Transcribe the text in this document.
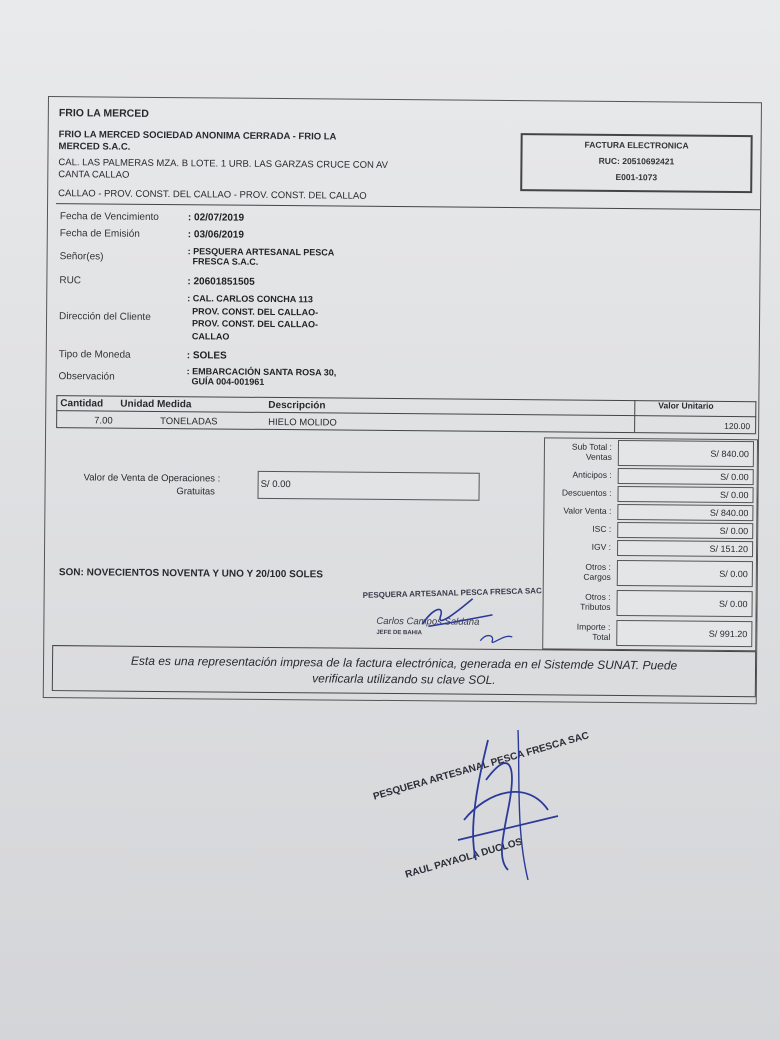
FRIO LA MERCED
FRIO LA MERCED SOCIEDAD ANONIMA CERRADA - FRIO LA
MERCED S.A.C.
CAL. LAS PALMERAS MZA. B LOTE. 1 URB. LAS GARZAS CRUCE CON AV
CANTA CALLAO
CALLAO - PROV. CONST. DEL CALLAO - PROV. CONST. DEL CALLAO
FACTURA ELECTRONICA
RUC: 20510692421
E001-1073
Fecha de Vencimiento	: 02/07/2019
Fecha de Emisión	: 03/06/2019
Señor(es)	: PESQUERA ARTESANAL PESCA
FRESCA S.A.C.
RUC	: 20601851505
Dirección del Cliente
: CAL. CARLOS CONCHA 113
PROV. CONST. DEL CALLAO-
PROV. CONST. DEL CALLAO-
CALLAO
Tipo de Moneda	: SOLES
Observación	: EMBARCACIÓN SANTA ROSA 30,
GUÍA 004-001961
Cantidad Unidad Medida	Descripción	Valor Unitario
7.00	TONELADAS	HIELO MOLIDO	120.00
Valor de Venta de Operaciones :
Gratuitas
S/ 0.00
SON: NOVECIENTOS NOVENTA Y UNO Y 20/100 SOLES
Sub Total :
Ventas	S/ 840.00
Anticipos :	S/ 0.00
Descuentos :	S/ 0.00
Valor Venta :	S/ 840.00
ISC :	S/ 0.00
IGV :	S/ 151.20
Otros :
Cargos	S/ 0.00
Otros :
Tributos	S/ 0.00
Importe :
Total	S/ 991.20
PESQUERA ARTESANAL PESCA FRESCA SAC
Carlos Campos Saldaña
JEFE DE BAHIA
Esta es una representación impresa de la factura electrónica, generada en el Sistemde SUNAT. Puede
verificarla utilizando su clave SOL.
PESQUERA ARTESANAL PESCA FRESCA SAC
RAUL PAYAOLA DUCLOS
